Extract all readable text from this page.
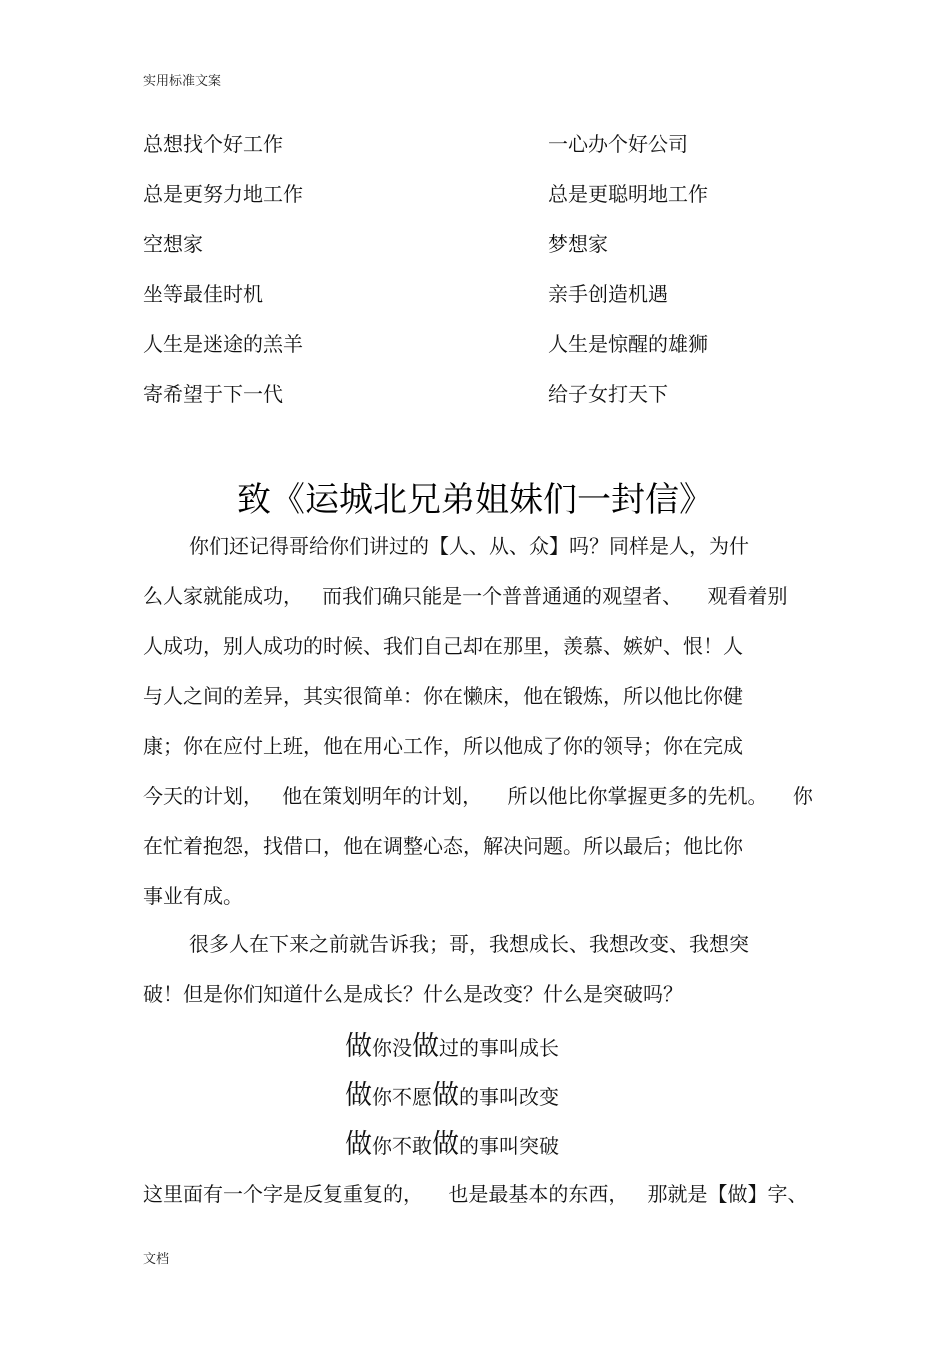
实用标准文案
总想找个好工作	一心办个好公司
总是更努力地工作	总是更聪明地工作
空想家	梦想家
坐等最佳时机	亲手创造机遇
人生是迷途的羔羊	人生是惊醒的雄狮
寄希望于下一代	给子女打天下
致《运城北兄弟姐妹们一封信》
你们还记得哥给你们讲过的【人、从、众】吗？同样是人，为什
么人家就能成功，   而我们确只能是一个普普通通的观望者、    观看着别
人成功，别人成功的时候、我们自己却在那里，羡慕、嫉妒、恨！人
与人之间的差异，其实很简单：你在懒床，他在锻炼，所以他比你健
康；你在应付上班，他在用心工作，所以他成了你的领导；你在完成
今天的计划，   他在策划明年的计划，    所以他比你掌握更多的先机。    你
在忙着抱怨，找借口，他在调整心态，解决问题。所以最后；他比你
事业有成。
很多人在下来之前就告诉我；哥，我想成长、我想改变、我想突
破！但是你们知道什么是成长？什么是改变？什么是突破吗？
做你没做过的事叫成长
做你不愿做的事叫改变
做你不敢做的事叫突破
这里面有一个字是反复重复的，    也是最基本的东西，   那就是【做】字、
文档
